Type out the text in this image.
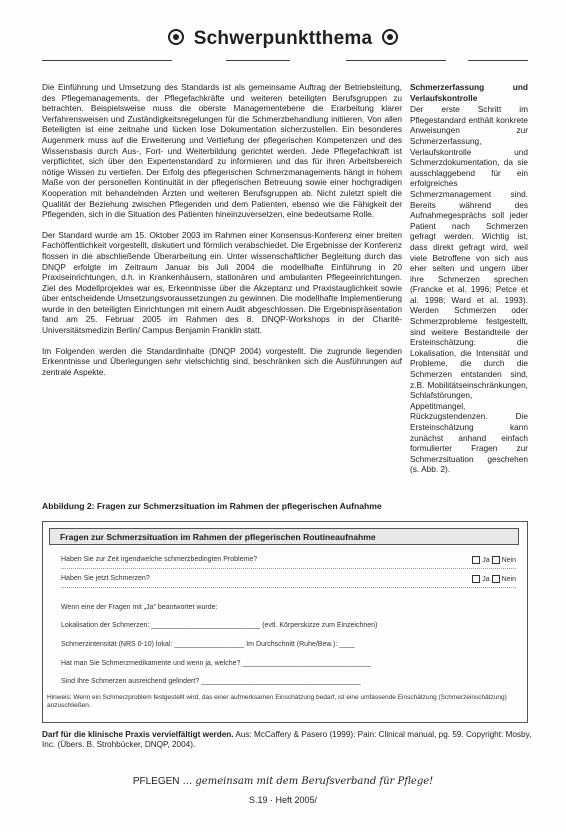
Schwerpunktthema

Die Einführung und Umsetzung des Standards ist als gemeinsame Auftrag der Betriebsleitung, des Pflegemanagements, der Pflegefachkräfte und weiteren beteiligten Berufsgruppen zu betrachten. Beispielsweise muss die oberste Managementebene die Erarbeitung klarer Verfahrensweisen und Zuständigkeitsregelungen für die Schmerzbehandlung initiieren. Von allen Beteiligten ist eine zeitnahe und lücken lose Dokumentation sicherzustellen. Ein besonderes Augenmerk muss auf die Erweiterung und Vertiefung der pflegerischen Kompetenzen und des Wissensbasis durch Aus-, Fort- und Weiterbildung gerichtet werden. Jede Pflegefachkraft ist verpflichtet, sich über den Expertenstandard zu informieren und das für ihren Arbeitsbereich nötige Wissen zu vertiefen. Der Erfolg des pflegerischen Schmerzmanagements hängt in hohem Maße von der personellen Kontinuität in der pflegerischen Betreuung sowie einer hochgradigen Kooperation mit behandelnden Ärzten und weiteren Berufsgruppen ab. Nicht zuletzt spielt die Qualität der Beziehung zwischen Pflegenden und dem Patienten, ebenso wie die Fähigkeit der Pflegenden, sich in die Situation des Patienten hineinzuversetzen, eine bedeutsame Rolle.

Der Standard wurde am 15. Oktober 2003 im Rahmen einer Konsensus-Konferenz einer breiten Fachöffentlichkeit vorgestellt, diskutiert und förmlich verabschiedet. Die Ergebnisse der Konferenz flossen in die abschließende Überarbeitung ein. Unter wissenschaftlicher Begleitung durch das DNQP erfolgte im Zeitraum Januar bis Juli 2004 die modellhafte Einführung in 20 Praxiseinrichtungen, d.h. in Krankenhäusern, stationären und ambulanten Pflegeeinrichtungen. Ziel des Modellprojektes war es, Erkenntnisse über die Akzeptanz und Praxistauglichkeit sowie über entscheidende Umsetzungsvoraussetzungen zu gewinnen. Die modellhafte Implementierung wurde in den beteiligten Einrichtungen mit einem Audit abgeschlossen. Die Ergebnispräsentation fand am 25. Februar 2005 im Rahmen des 8. DNQP-Workshops in der Charité-Universitätsmedizin Berlin/ Campus Benjamin Franklin statt.

Im Folgenden werden die Standardinhalte (DNQP 2004) vorgestellt. Die zugrunde liegenden Erkenntnisse und Überlegungen sehr vielschichtig sind, beschränken sich die Ausführungen auf zentrale Aspekte.

Schmerzerfassung und Verlaufskontrolle
Der erste Schritt im Pflegestandard enthält konkrete Anweisungen zur Schmerzerfassung, Verlaufskontrolle und Schmerzdokumentation, da sie ausschlaggebend für ein erfolgreiches Schmerzmanagement sind. Bereits während des Aufnahmegesprächs soll jeder Patient nach Schmerzen gefragt werden. Wichtig ist, dass direkt gefragt wird, weil viele Betroffene von sich aus eher selten und ungern über ihre Schmerzen sprechen (Francke et al. 1996; Petce et al. 1998; Ward et al. 1993). Werden Schmerzen oder Schmerzprobleme festgestellt, sind weitere Bestandteile der Ersteinschätzung: die Lokalisation, die Intensität und Probleme, die durch die Schmerzen entstanden sind, z.B. Mobilitätseinschränkungen, Schlafstörungen, Appetitmangel, Rückzugstendenzen. Die Ersteinschätzung kann zunächst anhand einfach formulierter Fragen zur Schmerzsituation geschehen (s. Abb. 2).
Abbildung 2: Fragen zur Schmerzsituation im Rahmen der pflegerischen Aufnahme
Fragen zur Schmerzsituation im Rahmen der pflegerischen Routineaufnahme
Haben Sie zur Zeit irgendwelche schmerzbedingten Probleme?	Ja Nein
Haben Sie jetzt Schmerzen?	Ja Nein
Wenn eine der Fragen mit „Ja" beantwortet wurde:
Lokalisation der Schmerzen: ____________________________ (evtl. Körperskizze zum Einzeichnen)
Schmerzintensität (NRS 0-10) lokal: __________________ Im Durchschnitt (Ruhe/Bew.): ____
Hat man Sie Schmerzmedikamente und wenn ja, welche? _________________________________
Sind Ihre Schmerzen ausreichend gelindert? _________________________________________
Hinweis: Wenn ein Schmerzproblem festgestellt wird, das einer aufmerksamen Einschätzung bedarf, ist eine umfassende Einschätzung (Schmerzeinschätzung) anzuschließen.
Darf für die klinische Praxis vervielfältigt werden. Aus: McCaffery & Pasero (1999): Pain: Clinical manual, pg. 59. Copyright: Mosby, Inc. (Übers. B. Strohbücker, DNQP, 2004).
PFLEGEN ... gemeinsam mit dem Berufsverband für Pflege!
S.19 · Heft 2005/
